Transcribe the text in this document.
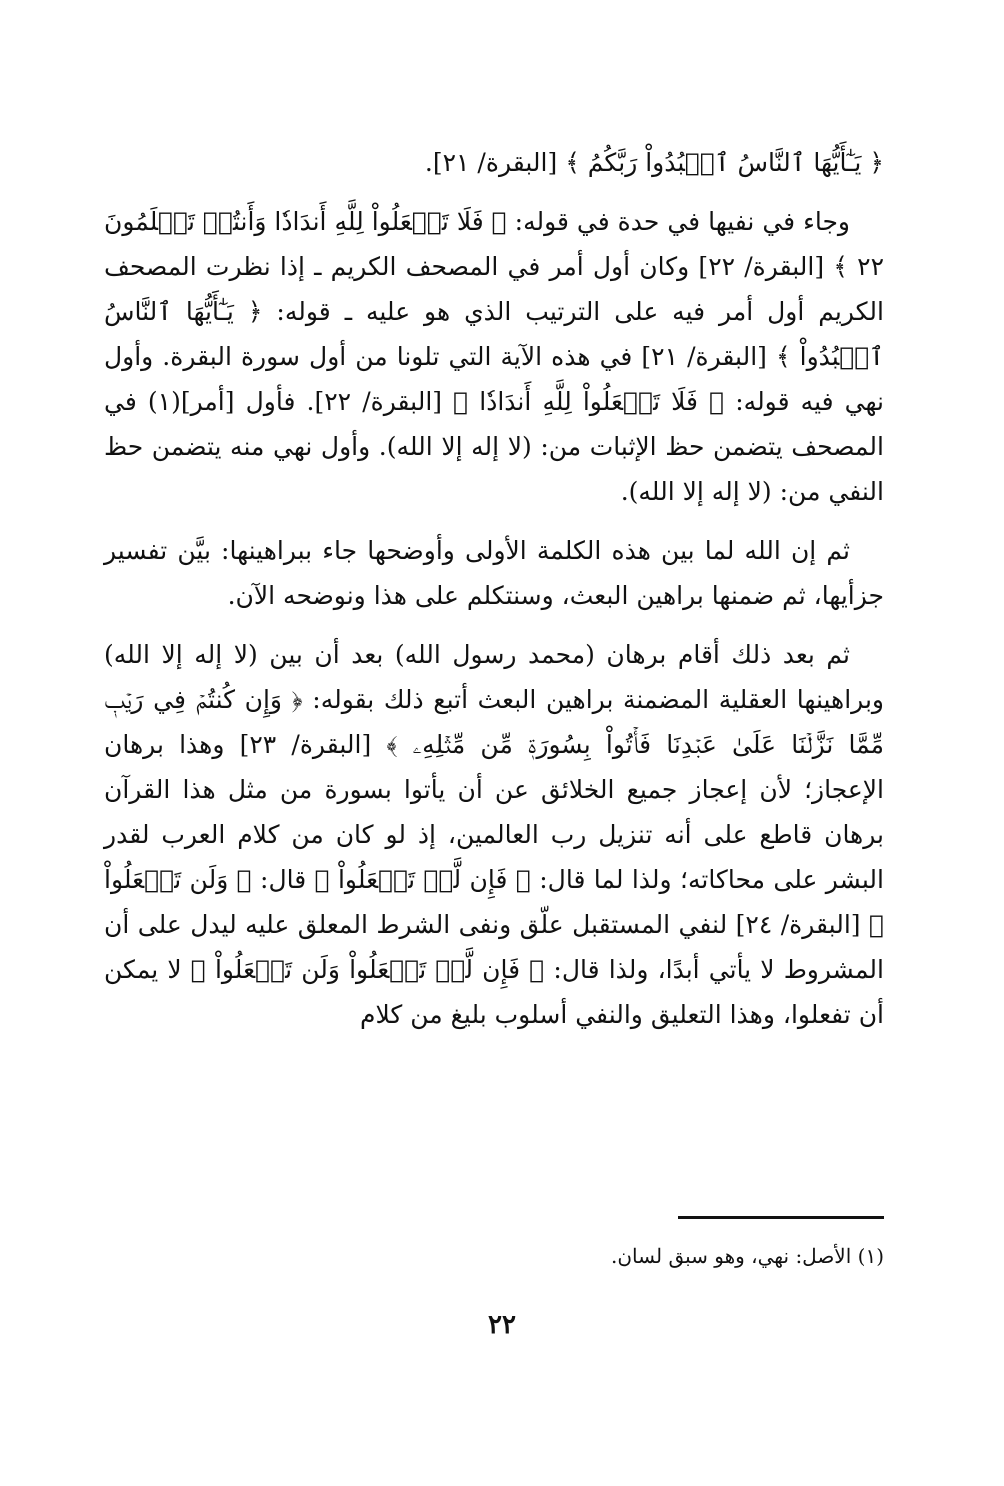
﴿ يَـٰٓأَيُّهَا ٱلنَّاسُ ٱعۡبُدُواْ رَبَّكُمُ ﴾ [البقرة/ ٢١].

وجاء في نفيها في حدة في قوله: ﴿ فَلَا تَجۡعَلُواْ لِلَّهِ أَندَادٗا وَأَنتُمۡ تَعۡلَمُونَ ٢٢ ﴾ [البقرة/ ٢٢] وكان أول أمر في المصحف الكريم ـ إذا نظرت المصحف الكريم أول أمر فيه على الترتيب الذي هو عليه ـ قوله: ﴿ يَـٰٓأَيُّهَا ٱلنَّاسُ ٱعۡبُدُواْ ﴾ [البقرة/ ٢١] في هذه الآية التي تلونا من أول سورة البقرة. وأول نهي فيه قوله: ﴿ فَلَا تَجۡعَلُواْ لِلَّهِ أَندَادٗا ﴾ [البقرة/ ٢٢]. فأول [أمر](١) في المصحف يتضمن حظ الإثبات من: (لا إله إلا الله). وأول نهي منه يتضمن حظ النفي من: (لا إله إلا الله).

ثم إن الله لما بين هذه الكلمة الأولى وأوضحها جاء ببراهينها: بيَّن تفسير جزأيها، ثم ضمنها براهين البعث، وسنتكلم على هذا ونوضحه الآن.

ثم بعد ذلك أقام برهان (محمد رسول الله) بعد أن بين (لا إله إلا الله) وبراهينها العقلية المضمنة براهين البعث أتبع ذلك بقوله: ﴿ وَإِن كُنتُمۡ فِي رَيۡبٖ مِّمَّا نَزَّلۡنَا عَلَىٰ عَبۡدِنَا فَأۡتُواْ بِسُورَةٖ مِّن مِّثۡلِهِۦ ﴾ [البقرة/ ٢٣] وهذا برهان الإعجاز؛ لأن إعجاز جميع الخلائق عن أن يأتوا بسورة من مثل هذا القرآن برهان قاطع على أنه تنزيل رب العالمين، إذ لو كان من كلام العرب لقدر البشر على محاكاته؛ ولذا لما قال: ﴿ فَإِن لَّمۡ تَفۡعَلُواْ ﴾ قال: ﴿ وَلَن تَفۡعَلُواْ ﴾ [البقرة/ ٢٤] لنفي المستقبل علّق ونفى الشرط المعلق عليه ليدل على أن المشروط لا يأتي أبدًا، ولذا قال: ﴿ فَإِن لَّمۡ تَفۡعَلُواْ وَلَن تَفۡعَلُواْ ﴾ لا يمكن أن تفعلوا، وهذا التعليق والنفي أسلوب بليغ من كلام

(١) الأصل: نهي، وهو سبق لسان.
٢٢
